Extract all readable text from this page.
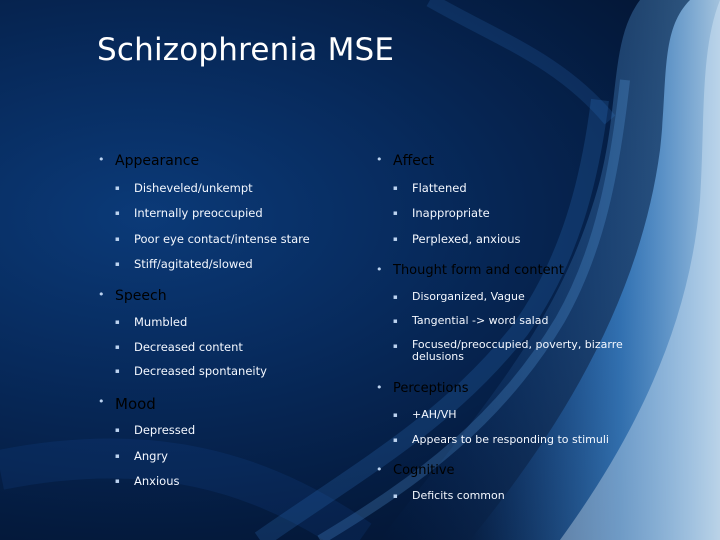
Schizophrenia MSE
• Appearance
▪ Disheveled/unkempt
▪ Internally preoccupied
▪ Poor eye contact/intense stare
▪ Stiff/agitated/slowed
• Speech
▪ Mumbled
▪ Decreased content
▪ Decreased spontaneity
• Mood
▪ Depressed
▪ Angry
▪ Anxious
• Affect
▪ Flattened
▪ Inappropriate
▪ Perplexed, anxious
• Thought form and content
▪ Disorganized, Vague
▪ Tangential -> word salad
▪ Focused/preoccupied, poverty, bizarre delusions
• Perceptions
▪ +AH/VH
▪ Appears to be responding to stimuli
• Cognitive
▪ Deficits common
